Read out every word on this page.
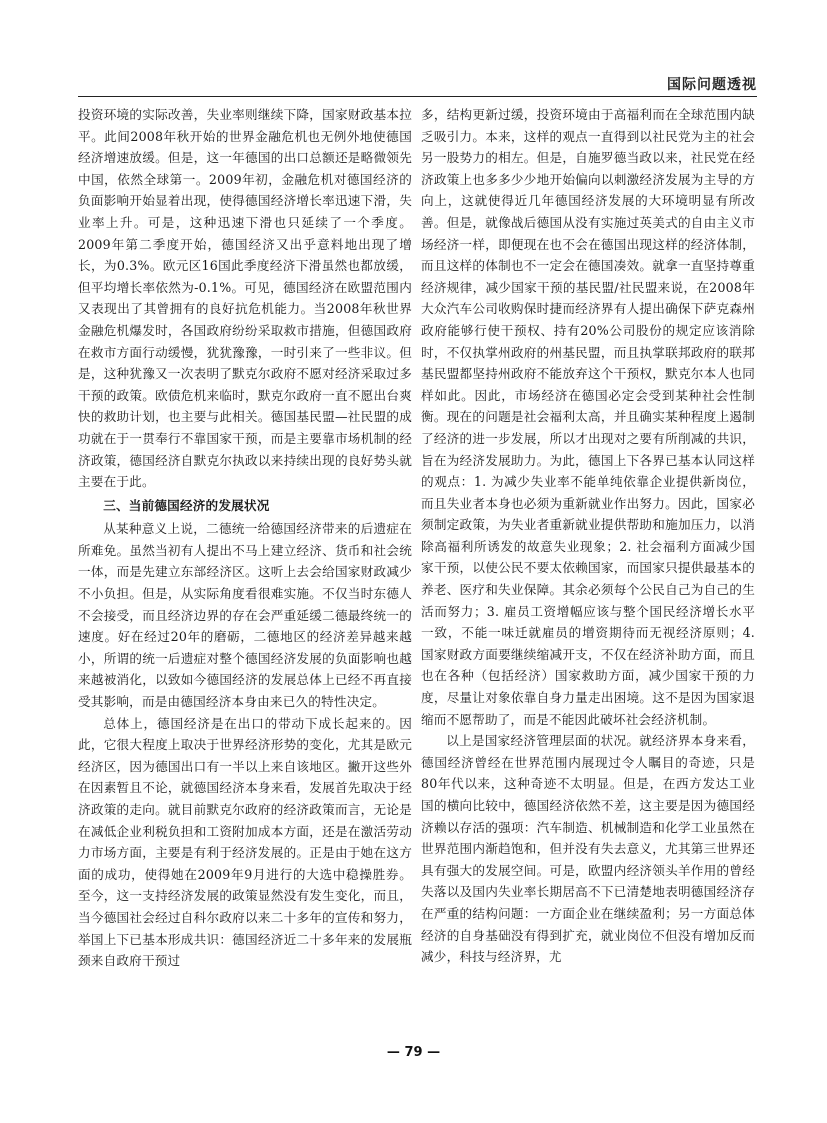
国际问题透视

投资环境的实际改善，失业率则继续下降，国家财政基本拉平。此间2008年秋开始的世界金融危机也无例外地使德国经济增速放缓。但是，这一年德国的出口总额还是略微领先中国，依然全球第一。2009年初，金融危机对德国经济的负面影响开始显着出现，使得德国经济增长率迅速下滑，失业率上升。可是，这种迅速下滑也只延续了一个季度。2009年第二季度开始，德国经济又出乎意料地出现了增长，为0.3%。欧元区16国此季度经济下滑虽然也都放缓，但平均增长率依然为-0.1%。可见，德国经济在欧盟范围内又表现出了其曾拥有的良好抗危机能力。当2008年秋世界金融危机爆发时，各国政府纷纷采取救市措施，但德国政府在救市方面行动缓慢，犹犹豫豫，一时引来了一些非议。但是，这种犹豫又一次表明了默克尔政府不愿对经济采取过多干预的政策。欧债危机来临时，默克尔政府一直不愿出台爽快的救助计划，也主要与此相关。德国基民盟—社民盟的成功就在于一贯奉行不靠国家干预，而是主要靠市场机制的经济政策，德国经济自默克尔执政以来持续出现的良好势头就主要在于此。

三、当前德国经济的发展状况

从某种意义上说，二德统一给德国经济带来的后遗症在所难免。虽然当初有人提出不马上建立经济、货币和社会统一体，而是先建立东部经济区。这听上去会给国家财政减少不小负担。但是，从实际角度看很难实施。不仅当时东德人不会接受，而且经济边界的存在会严重延缓二德最终统一的速度。好在经过20年的磨砺，二德地区的经济差异越来越小，所谓的统一后遗症对整个德国经济发展的负面影响也越来越被消化，以致如今德国经济的发展总体上已经不再直接受其影响，而是由德国经济本身由来已久的特性决定。

总体上，德国经济是在出口的带动下成长起来的。因此，它很大程度上取决于世界经济形势的变化，尤其是欧元经济区，因为德国出口有一半以上来自该地区。撇开这些外在因素暂且不论，就德国经济本身来看，发展首先取决于经济政策的走向。就目前默克尔政府的经济政策而言，无论是在减低企业利税负担和工资附加成本方面，还是在激活劳动力市场方面，主要是有利于经济发展的。正是由于她在这方面的成功，使得她在2009年9月进行的大选中稳操胜券。至今，这一支持经济发展的政策显然没有发生变化，而且，当今德国社会经过自科尔政府以来二十多年的宣传和努力，举国上下已基本形成共识：德国经济近二十多年来的发展瓶颈来自政府干预过

多，结构更新过缓，投资环境由于高福利而在全球范围内缺乏吸引力。本来，这样的观点一直得到以社民党为主的社会另一股势力的相左。但是，自施罗德当政以来，社民党在经济政策上也多多少少地开始偏向以刺激经济发展为主导的方向上，这就使得近几年德国经济发展的大环境明显有所改善。但是，就像战后德国从没有实施过英美式的自由主义市场经济一样，即便现在也不会在德国出现这样的经济体制，而且这样的体制也不一定会在德国凑效。就拿一直坚持尊重经济规律，减少国家干预的基民盟/社民盟来说，在2008年大众汽车公司收购保时捷而经济界有人提出确保下萨克森州政府能够行使干预权、持有20%公司股份的规定应该消除时，不仅执掌州政府的州基民盟，而且执掌联邦政府的联邦基民盟都坚持州政府不能放弃这个干预权，默克尔本人也同样如此。因此，市场经济在德国必定会受到某种社会性制衡。现在的问题是社会福利太高，并且确实某种程度上遏制了经济的进一步发展，所以才出现对之要有所削减的共识，旨在为经济发展助力。为此，德国上下各界已基本认同这样的观点：1. 为减少失业率不能单纯依靠企业提供新岗位，而且失业者本身也必须为重新就业作出努力。因此，国家必须制定政策，为失业者重新就业提供帮助和施加压力，以消除高福利所诱发的故意失业现象；2. 社会福利方面减少国家干预，以使公民不要太依赖国家，而国家只提供最基本的养老、医疗和失业保障。其余必须每个公民自己为自己的生活而努力；3. 雇员工资增幅应该与整个国民经济增长水平一致，不能一味迁就雇员的增资期待而无视经济原则；4. 国家财政方面要继续缩减开支，不仅在经济补助方面，而且也在各种（包括经济）国家救助方面，减少国家干预的力度，尽量让对象依靠自身力量走出困境。这不是因为国家退缩而不愿帮助了，而是不能因此破坏社会经济机制。

以上是国家经济管理层面的状况。就经济界本身来看，德国经济曾经在世界范围内展现过令人瞩目的奇迹，只是80年代以来，这种奇迹不太明显。但是，在西方发达工业国的横向比较中，德国经济依然不差，这主要是因为德国经济赖以存活的强项：汽车制造、机械制造和化学工业虽然在世界范围内渐趋饱和，但并没有失去意义，尤其第三世界还具有强大的发展空间。可是，欧盟内经济领头羊作用的曾经失落以及国内失业率长期居高不下已清楚地表明德国经济存在严重的结构问题：一方面企业在继续盈利；另一方面总体经济的自身基础没有得到扩充，就业岗位不但没有增加反而减少，科技与经济界，尤

— 79 —
